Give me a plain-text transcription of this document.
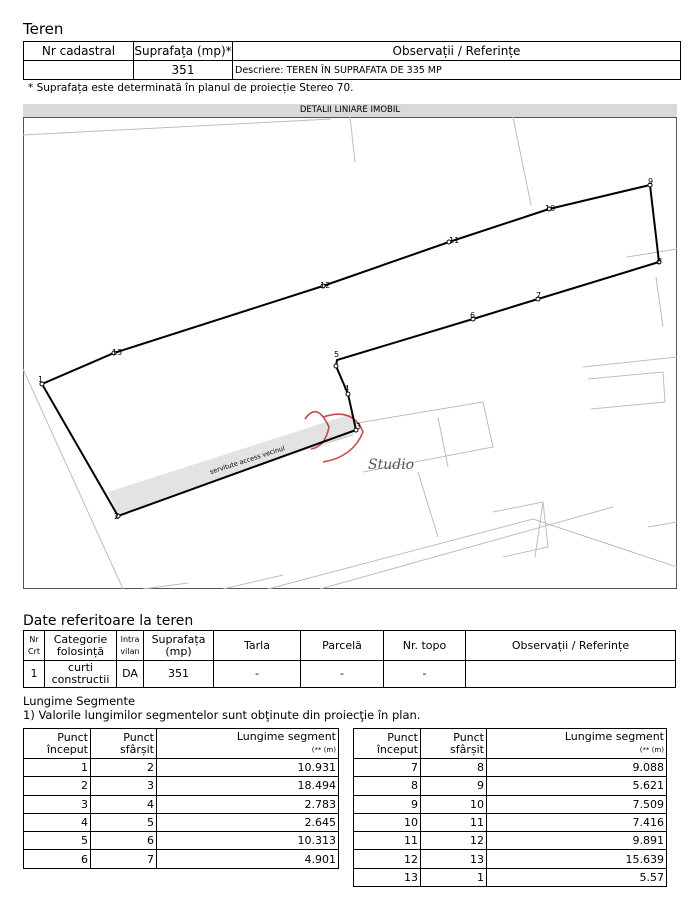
Teren
Nr cadastral	Suprafața (mp)*	Observații / Referințe
	351	Descriere: TEREN ÎN SUPRAFATA DE 335 MP
* Suprafața este determinată în planul de proiecție Stereo 70.
DETALII LINIARE IMOBIL
servitute access vecinul	Studio
1
2
3
4
5
6
7
8
9
10
11
12
13
Date referitoare la teren
Nr Crt	Categorie folosință	Intra vilan	Suprafața (mp)	Tarla	Parcelă	Nr. topo	Observații / Referințe
1	curti constructii	DA	351	-	-	-	
Lungime Segmente
1) Valorile lungimilor segmentelor sunt obţinute din proiecţie în plan.
Punct început	Punct sfârșit	Lungime segment
(** (m)
1	2	10.931
2	3	18.494
3	4	2.783
4	5	2.645
5	6	10.313
6	7	4.901
Punct început	Punct sfârșit	Lungime segment
(** (m)
7	8	9.088
8	9	5.621
9	10	7.509
10	11	7.416
11	12	9.891
12	13	15.639
13	1	5.57
